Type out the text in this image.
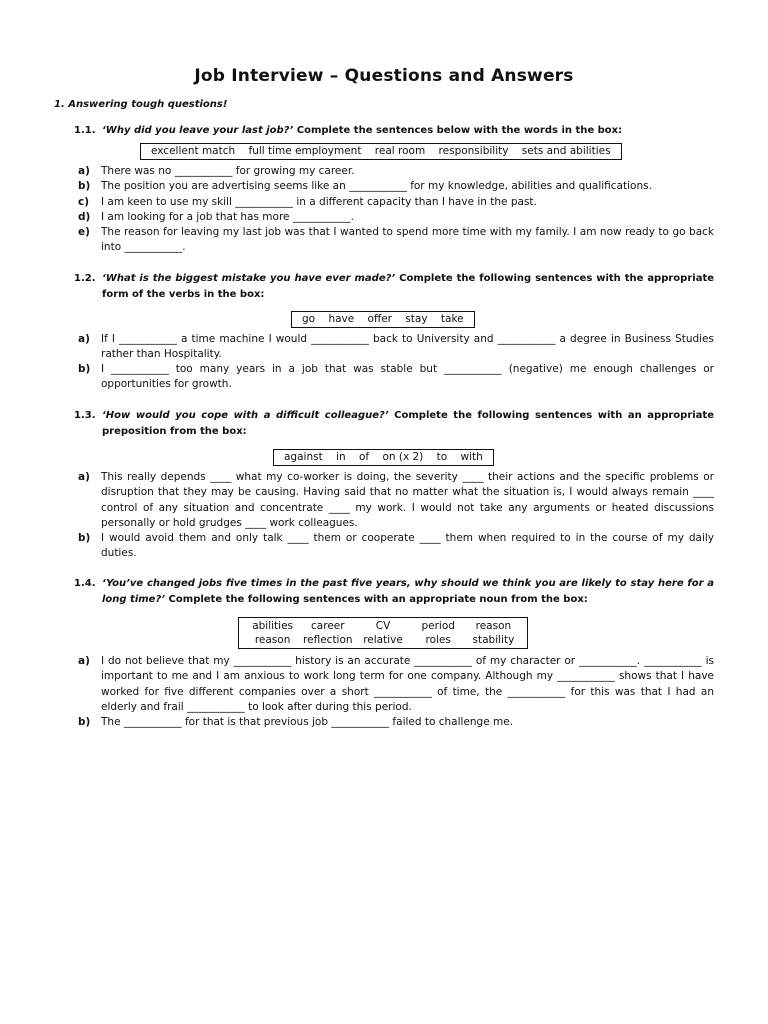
Job Interview – Questions and Answers
1. Answering tough questions!
1.1. ‘Why did you leave your last job?’ Complete the sentences below with the words in the box:
excellent match full time employment real room responsibility sets and abilities
a) There was no ___________ for growing my career.
b) The position you are advertising seems like an ___________ for my knowledge, abilities and qualifications.
c) I am keen to use my skill ___________ in a different capacity than I have in the past.
d) I am looking for a job that has more ___________.
e) The reason for leaving my last job was that I wanted to spend more time with my family. I am now ready to go back into ___________.
1.2. ‘What is the biggest mistake you have ever made?’ Complete the following sentences with the appropriate form of the verbs in the box:
go have offer stay take
a) If I ___________ a time machine I would ___________ back to University and ___________ a degree in Business Studies rather than Hospitality.
b) I ___________ too many years in a job that was stable but ___________ (negative) me enough challenges or opportunities for growth.
1.3. ‘How would you cope with a difficult colleague?’ Complete the following sentences with an appropriate preposition from the box:
against in of on (x 2) to with
a) This really depends ____ what my co-worker is doing, the severity ____ their actions and the specific problems or disruption that they may be causing. Having said that no matter what the situation is, I would always remain ____ control of any situation and concentrate ____ my work. I would not take any arguments or heated discussions personally or hold grudges ____ work colleagues.
b) I would avoid them and only talk ____ them or cooperate ____ them when required to in the course of my daily duties.
1.4. ‘You’ve changed jobs five times in the past five years, why should we think you are likely to stay here for a long time?’ Complete the following sentences with an appropriate noun from the box:
abilities	career	CV	period	reason
reason	reflection	relative	roles	stability
a) I do not believe that my ___________ history is an accurate ___________ of my character or ___________. ___________ is important to me and I am anxious to work long term for one company. Although my ___________ shows that I have worked for five different companies over a short ___________ of time, the ___________ for this was that I had an elderly and frail ___________ to look after during this period.
b) The ___________ for that is that previous job ___________ failed to challenge me.
